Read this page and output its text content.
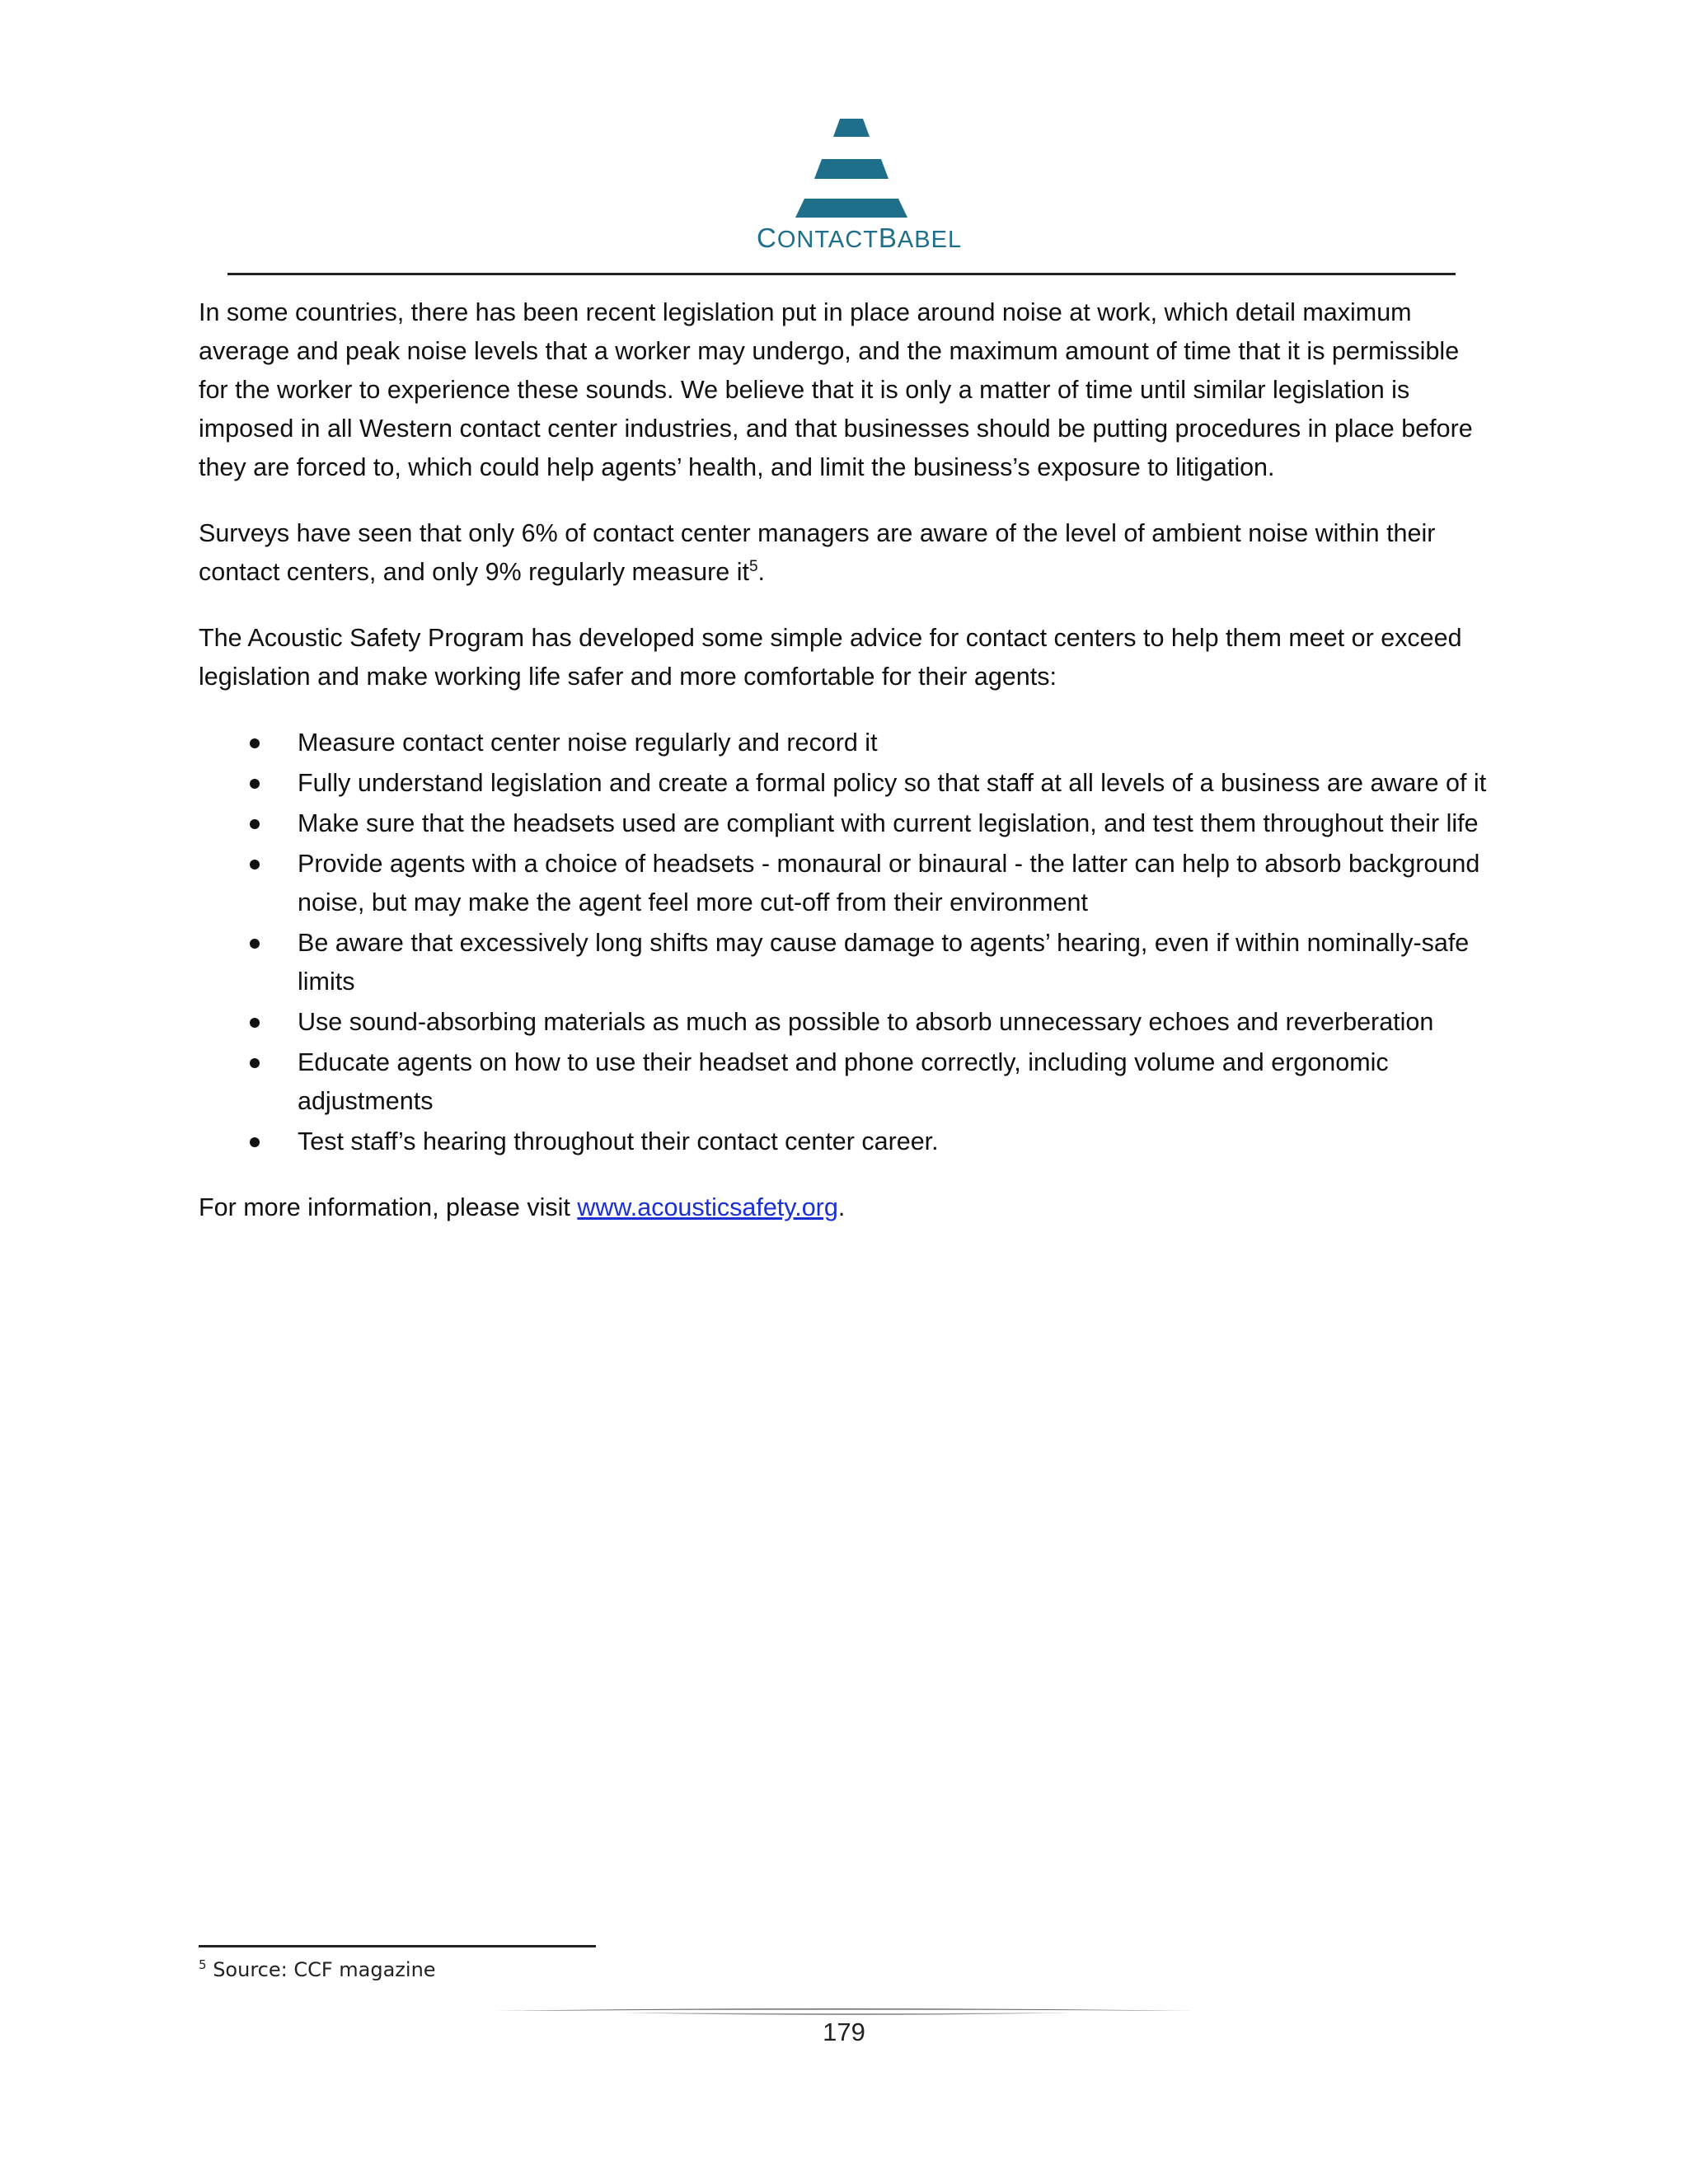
CONTACTBABEL

In some countries, there has been recent legislation put in place around noise at work, which detail maximum average and peak noise levels that a worker may undergo, and the maximum amount of time that it is permissible for the worker to experience these sounds. We believe that it is only a matter of time until similar legislation is imposed in all Western contact center industries, and that businesses should be putting procedures in place before they are forced to, which could help agents’ health, and limit the business’s exposure to litigation.

Surveys have seen that only 6% of contact center managers are aware of the level of ambient noise within their contact centers, and only 9% regularly measure $it^5$.

The Acoustic Safety Program has developed some simple advice for contact centers to help them meet or exceed legislation and make working life safer and more comfortable for their agents:

Measure contact center noise regularly and record it
Fully understand legislation and create a formal policy so that staff at all levels of a business are aware of it
Make sure that the headsets used are compliant with current legislation, and test them throughout their life
Provide agents with a choice of headsets - monaural or binaural - the latter can help to absorb background noise, but may make the agent feel more cut-off from their environment
Be aware that excessively long shifts may cause damage to agents’ hearing, even if within nominally-safe limits
Use sound-absorbing materials as much as possible to absorb unnecessary echoes and reverberation
Educate agents on how to use their headset and phone correctly, including volume and ergonomic adjustments
Test staff’s hearing throughout their contact center career.

For more information, please visit www.acousticsafety.org.

$^5$ Source: CCF magazine
179
